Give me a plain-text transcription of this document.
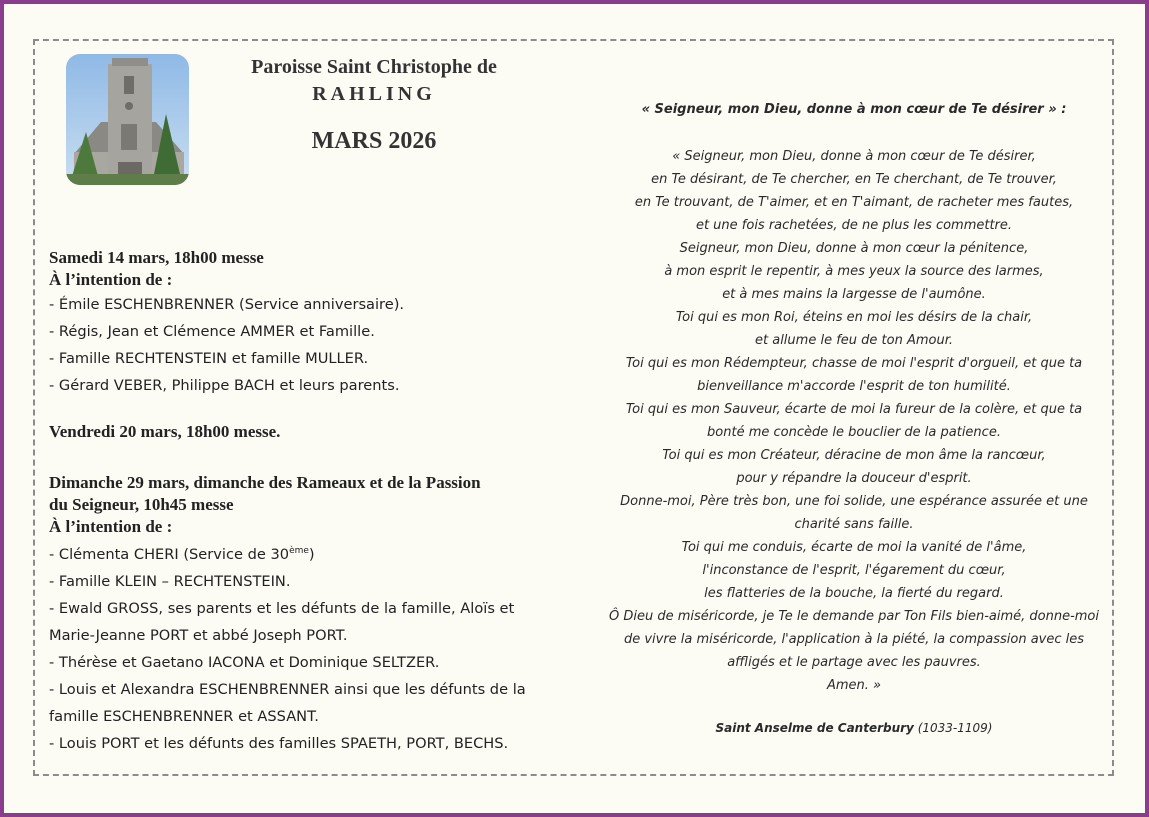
Paroisse Saint Christophe de
RAHLING
MARS 2026

Samedi 14 mars, 18h00 messe

À l’intention de :

- Émile ESCHENBRENNER (Service anniversaire).
- Régis, Jean et Clémence AMMER et Famille.
- Famille RECHTENSTEIN et famille MULLER.
- Gérard VEBER, Philippe BACH et leurs parents.

Vendredi 20 mars, 18h00 messe.

Dimanche 29 mars, dimanche des Rameaux et de la Passion

du Seigneur, 10h45 messe

À l’intention de :

- Clémenta CHERI (Service de 30ème)
- Famille KLEIN – RECHTENSTEIN.
- Ewald GROSS, ses parents et les défunts de la famille, Aloïs et
Marie-Jeanne PORT et abbé Joseph PORT.
- Thérèse et Gaetano IACONA et Dominique SELTZER.
- Louis et Alexandra ESCHENBRENNER ainsi que les défunts de la
famille ESCHENBRENNER et ASSANT.
- Louis PORT et les défunts des familles SPAETH, PORT, BECHS.

« Seigneur, mon Dieu, donne à mon cœur de Te désirer » :

« Seigneur, mon Dieu, donne à mon cœur de Te désirer,
en Te désirant, de Te chercher, en Te cherchant, de Te trouver,
en Te trouvant, de T'aimer, et en T'aimant, de racheter mes fautes,
et une fois rachetées, de ne plus les commettre.
Seigneur, mon Dieu, donne à mon cœur la pénitence,
à mon esprit le repentir, à mes yeux la source des larmes,
et à mes mains la largesse de l'aumône.
Toi qui es mon Roi, éteins en moi les désirs de la chair,
et allume le feu de ton Amour.
Toi qui es mon Rédempteur, chasse de moi l'esprit d'orgueil, et que ta
bienveillance m'accorde l'esprit de ton humilité.
Toi qui es mon Sauveur, écarte de moi la fureur de la colère, et que ta
bonté me concède le bouclier de la patience.
Toi qui es mon Créateur, déracine de mon âme la rancœur,
pour y répandre la douceur d'esprit.
Donne-moi, Père très bon, une foi solide, une espérance assurée et une
charité sans faille.
Toi qui me conduis, écarte de moi la vanité de l'âme,
l'inconstance de l'esprit, l'égarement du cœur,
les flatteries de la bouche, la fierté du regard.
Ô Dieu de miséricorde, je Te le demande par Ton Fils bien-aimé, donne-moi
de vivre la miséricorde, l'application à la piété, la compassion avec les
affligés et le partage avec les pauvres.
Amen. »
Saint Anselme de Canterbury (1033-1109)
